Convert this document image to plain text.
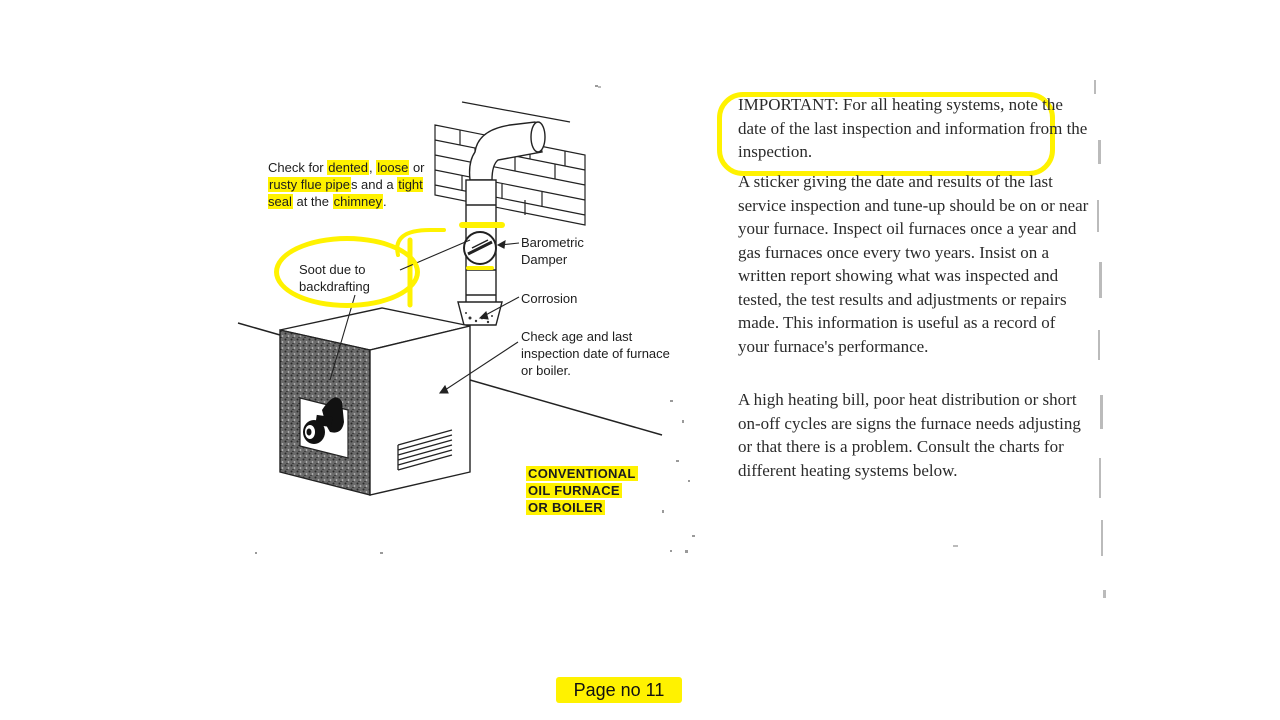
Check for dented, loose or rusty flue pipes and a tight seal at the chimney.

Soot due to backdrafting

Barometric Damper

Corrosion

Check age and last inspection date of furnace or boiler.

CONVENTIONAL
OIL FURNACE
OR BOILER

IMPORTANT: For all heating systems, note the date of the last inspection and information from the inspection.

A sticker giving the date and results of the last service inspection and tune-up should be on or near your furnace. Inspect oil furnaces once a year and gas furnaces once every two years. Insist on a written report showing what was inspected and tested, the test results and adjustments or repairs made. This information is useful as a record of your furnace's performance.

A high heating bill, poor heat distribution or short on-off cycles are signs the furnace needs adjusting or that there is a problem. Consult the charts for different heating systems below.

Page no 11
